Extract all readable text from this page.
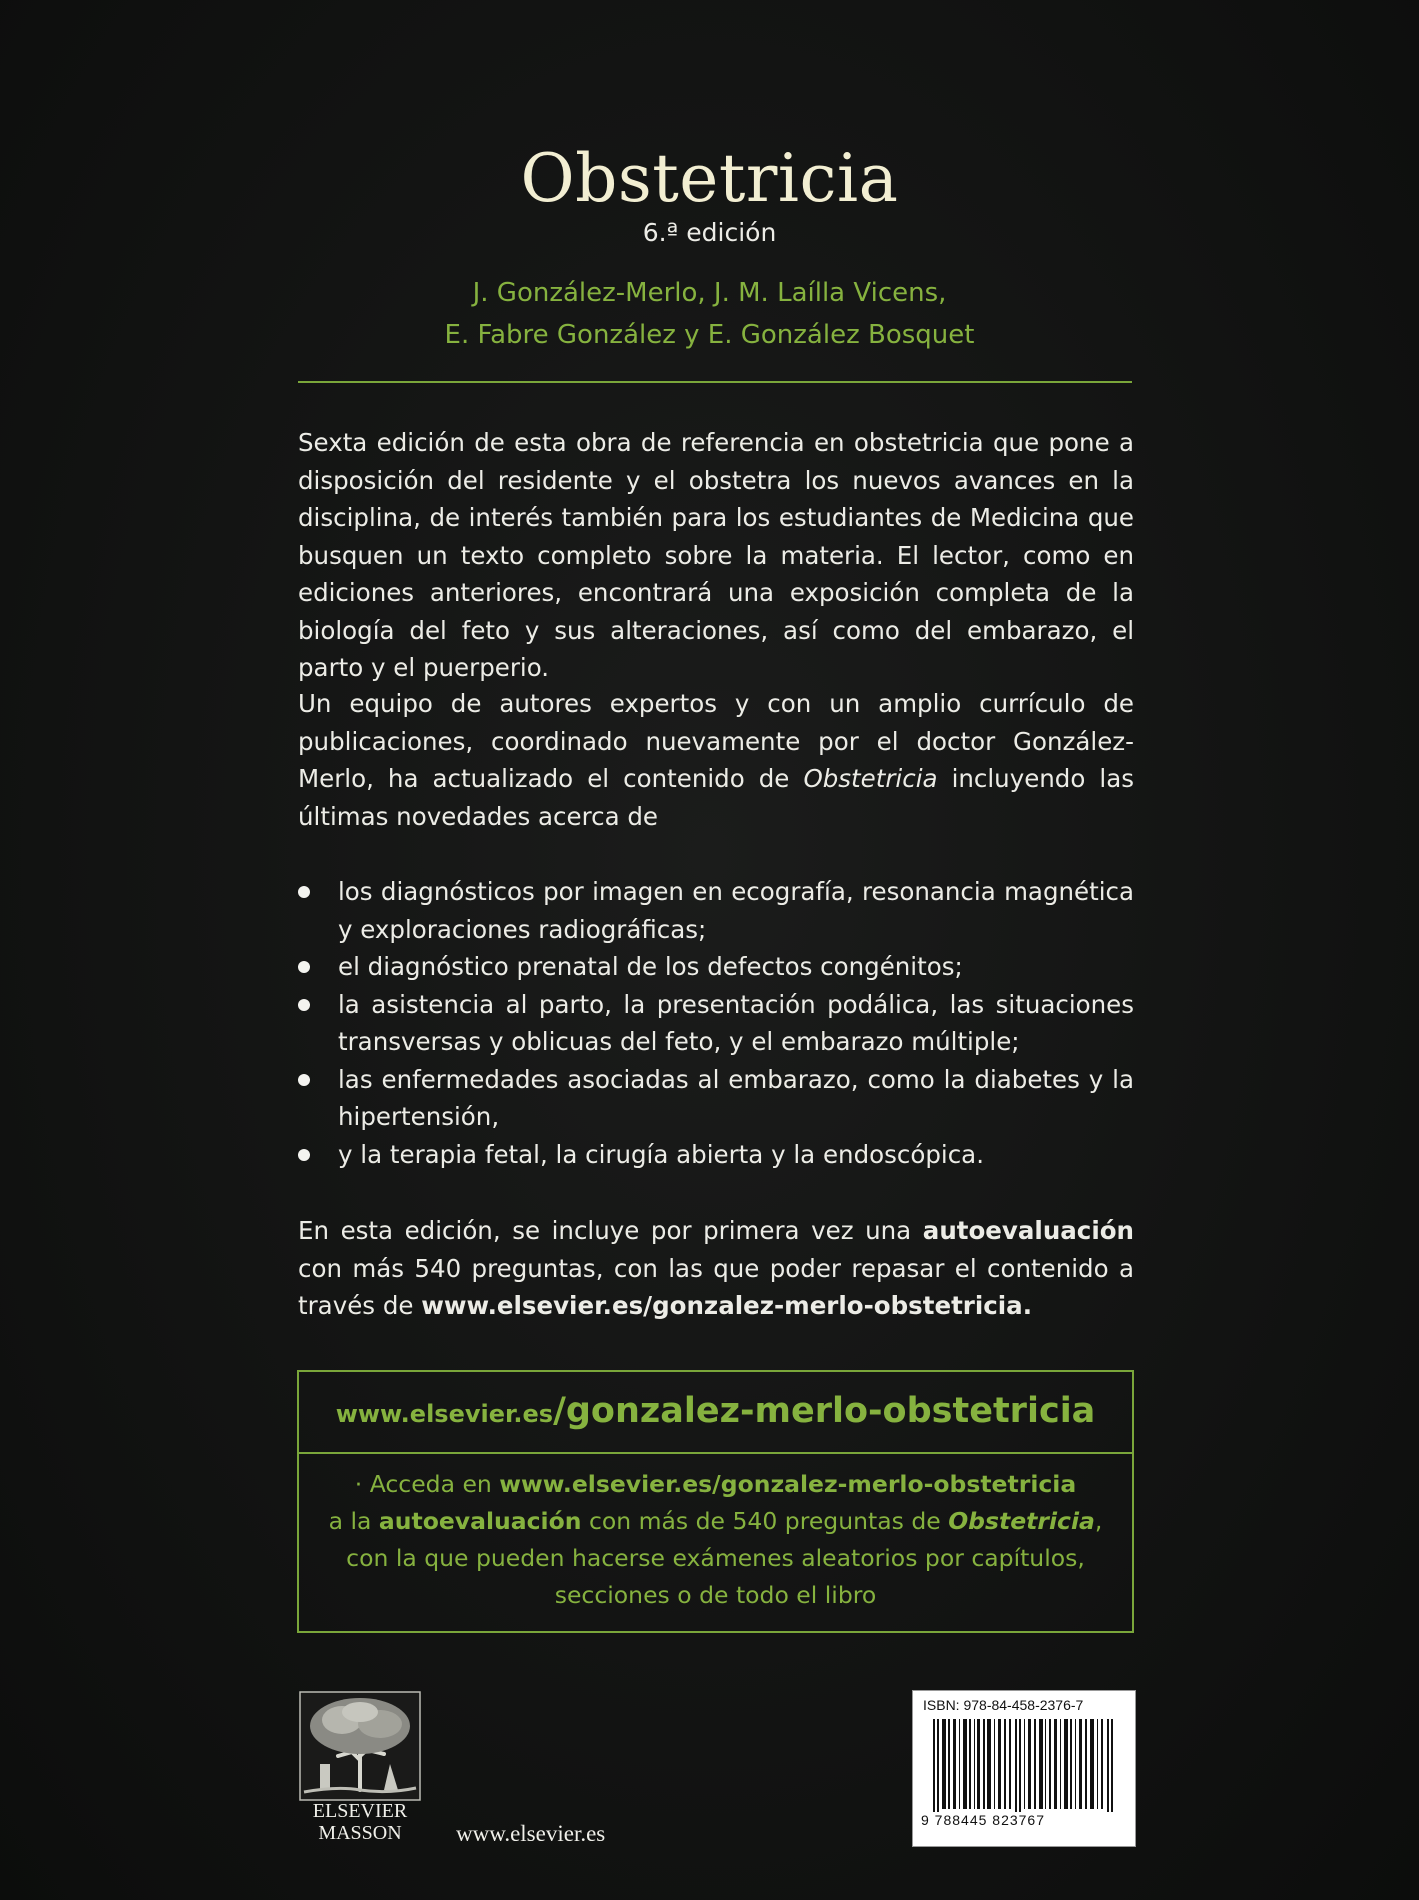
Obstetricia
6.ª edición
J. González-Merlo, J. M. Laílla Vicens,
E. Fabre González y E. González Bosquet

Sexta edición de esta obra de referencia en obstetricia que pone a disposición del residente y el obstetra los nuevos avances en la disciplina, de interés también para los estudiantes de Medicina que busquen un texto completo sobre la materia. El lector, como en ediciones anteriores, encontrará una exposición completa de la biología del feto y sus alteraciones, así como del embarazo, el parto y el puerperio.

Un equipo de autores expertos y con un amplio currículo de publicaciones, coordinado nuevamente por el doctor González-Merlo, ha actualizado el contenido de Obstetricia incluyendo las últimas novedades acerca de

los diagnósticos por imagen en ecografía, resonancia magnética y exploraciones radiográficas;
el diagnóstico prenatal de los defectos congénitos;
la asistencia al parto, la presentación podálica, las situaciones transversas y oblicuas del feto, y el embarazo múltiple;
las enfermedades asociadas al embarazo, como la diabetes y la hipertensión,
y la terapia fetal, la cirugía abierta y la endoscópica.

En esta edición, se incluye por primera vez una autoevaluación con más 540 preguntas, con las que poder repasar el contenido a través de www.elsevier.es/gonzalez-merlo-obstetricia.

www.elsevier.es/gonzalez-merlo-obstetricia
· Acceda en www.elsevier.es/gonzalez-merlo-obstetricia
a la autoevaluación con más de 540 preguntas de Obstetricia,
con la que pueden hacerse exámenes aleatorios por capítulos,
secciones o de todo el libro
ELSEVIER
MASSON	www.elsevier.es
ISBN: 978-84-458-2376-7
9 788445 823767
